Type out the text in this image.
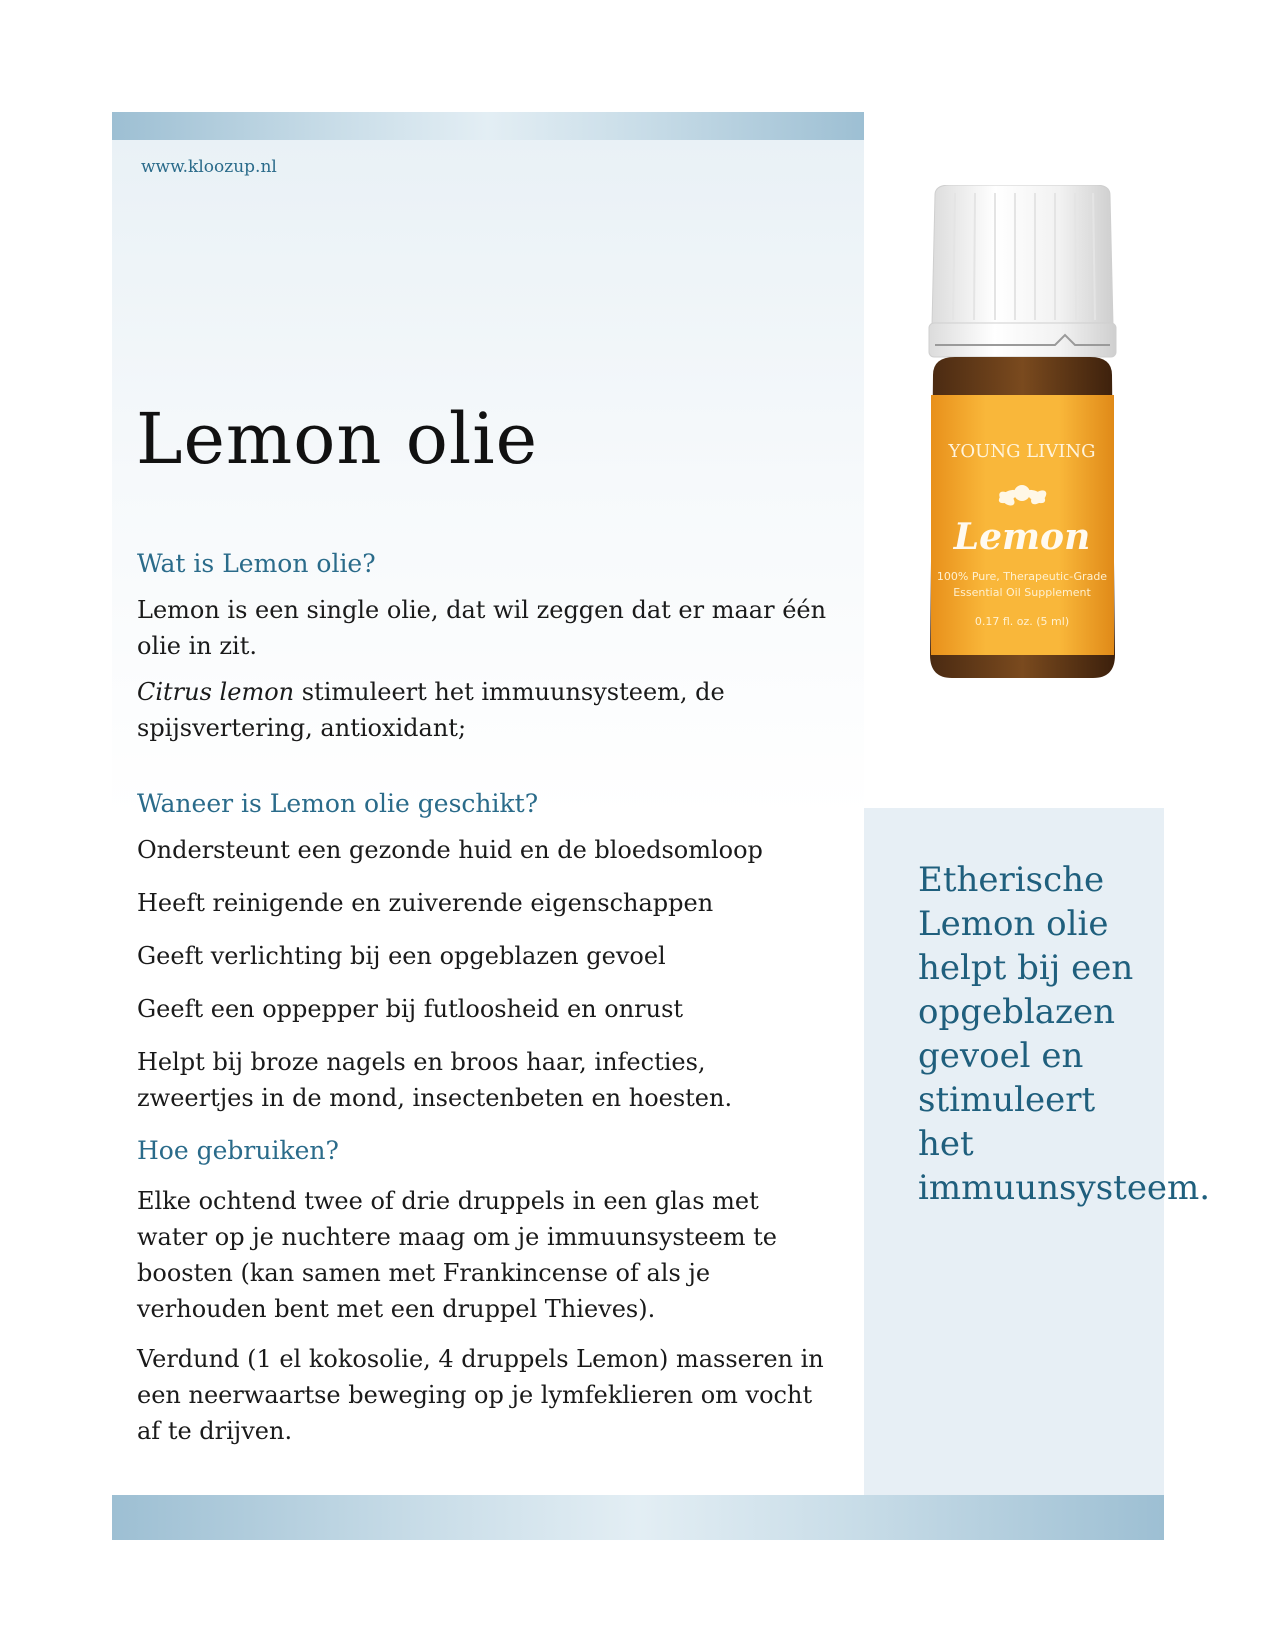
www.kloozup.nl
Lemon olie
Wat is Lemon olie?

Lemon is een single olie, dat wil zeggen dat er maar één olie in zit.

Citrus lemon stimuleert het immuunsysteem, de spijsvertering, antioxidant;

Waneer is Lemon olie geschikt?

Ondersteunt een gezonde huid en de bloedsomloop

Heeft reinigende en zuiverende eigenschappen

Geeft verlichting bij een opgeblazen gevoel

Geeft een oppepper bij futloosheid en onrust

Helpt bij broze nagels en broos haar, infecties, zweertjes in de mond, insectenbeten en hoesten.

Hoe gebruiken?

Elke ochtend twee of drie druppels in een glas met water op je nuchtere maag om je immuunsysteem te boosten (kan samen met Frankincense of als je verhouden bent met een druppel Thieves).

Verdund (1 el kokosolie, 4 druppels Lemon) masseren in een neerwaartse beweging op je lymfeklieren om vocht af te drijven.

YOUNG LIVING
Lemon
100% Pure, Therapeutic-Grade
Essential Oil Supplement
0.17 fl. oz. (5 ml)
Etherische Lemon olie helpt bij een opgeblazen gevoel en stimuleert het immuunsysteem.
